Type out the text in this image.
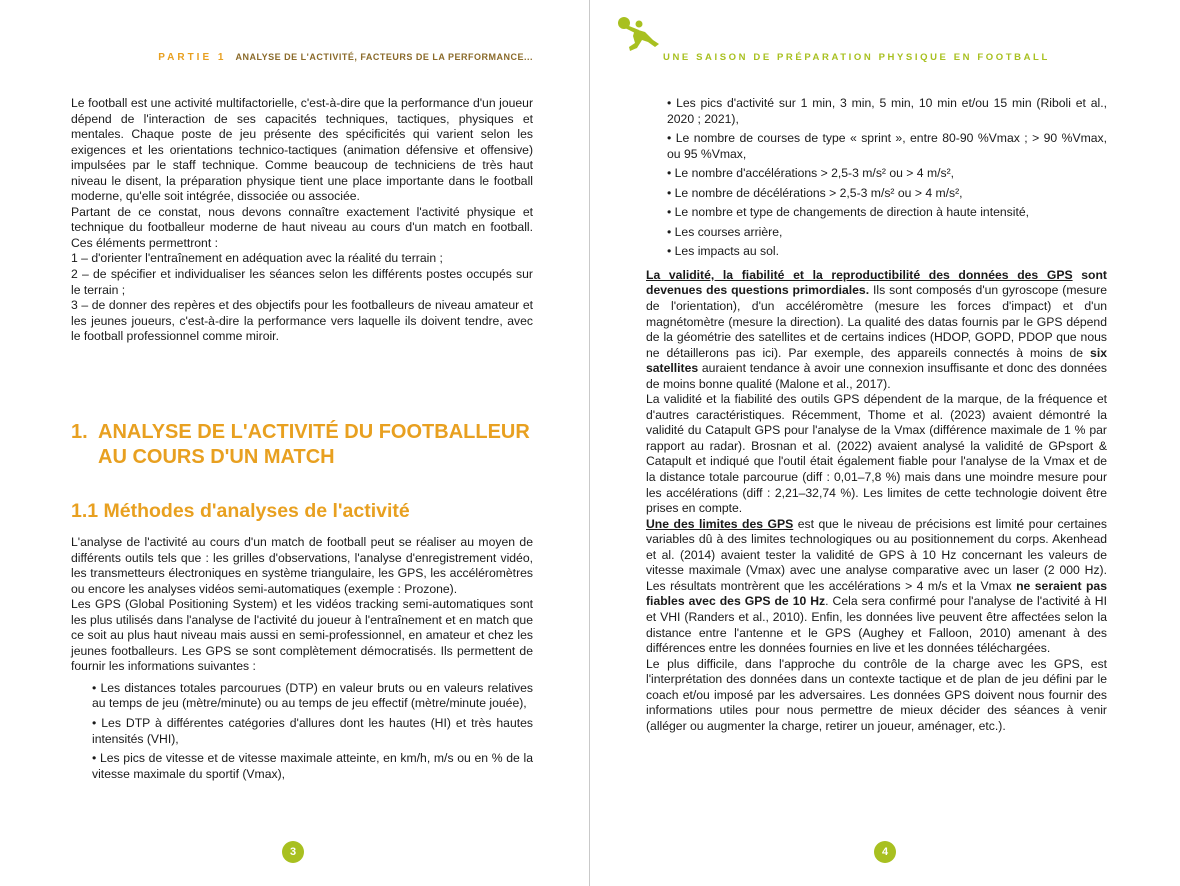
PARTIE 1 ANALYSE DE L'ACTIVITÉ, FACTEURS DE LA PERFORMANCE...

Le football est une activité multifactorielle, c'est-à-dire que la performance d'un joueur dépend de l'interaction de ses capacités techniques, tactiques, physiques et mentales. Chaque poste de jeu présente des spécificités qui varient selon les exigences et les orientations technico-tactiques (animation défensive et offensive) impulsées par le staff technique. Comme beaucoup de techniciens de très haut niveau le disent, la préparation physique tient une place importante dans le football moderne, qu'elle soit intégrée, dissociée ou associée.

Partant de ce constat, nous devons connaître exactement l'activité physique et technique du footballeur moderne de haut niveau au cours d'un match en football. Ces éléments permettront :

1 – d'orienter l'entraînement en adéquation avec la réalité du terrain ;

2 – de spécifier et individualiser les séances selon les différents postes occupés sur le terrain ;

3 – de donner des repères et des objectifs pour les footballeurs de niveau amateur et les jeunes joueurs, c'est-à-dire la performance vers laquelle ils doivent tendre, avec le football professionnel comme miroir.

1. ANALYSE DE L'ACTIVITÉ DU FOOTBALLEUR
AU COURS D'UN MATCH
1.1 Méthodes d'analyses de l'activité

L'analyse de l'activité au cours d'un match de football peut se réaliser au moyen de différents outils tels que : les grilles d'observations, l'analyse d'enregistrement vidéo, les transmetteurs électroniques en système triangulaire, les GPS, les accéléromètres ou encore les analyses vidéos semi-automatiques (exemple : Prozone).

Les GPS (Global Positioning System) et les vidéos tracking semi-automatiques sont les plus utilisés dans l'analyse de l'activité du joueur à l'entraînement et en match que ce soit au plus haut niveau mais aussi en semi-professionnel, en amateur et chez les jeunes footballeurs. Les GPS se sont complètement démocratisés. Ils permettent de fournir les informations suivantes :

• Les distances totales parcourues (DTP) en valeur bruts ou en valeurs relatives au temps de jeu (mètre/minute) ou au temps de jeu effectif (mètre/minute jouée),
• Les DTP à différentes catégories d'allures dont les hautes (HI) et très hautes intensités (VHI),
• Les pics de vitesse et de vitesse maximale atteinte, en km/h, m/s ou en % de la vitesse maximale du sportif (Vmax),
3
UNE SAISON DE PRÉPARATION PHYSIQUE EN FOOTBALL
• Les pics d'activité sur 1 min, 3 min, 5 min, 10 min et/ou 15 min (Riboli et al., 2020 ; 2021),
• Le nombre de courses de type « sprint », entre 80-90 %Vmax ; > 90 %Vmax, ou 95 %Vmax,
• Le nombre d'accélérations > 2,5-3 m/s² ou > 4 m/s²,
• Le nombre de décélérations > 2,5-3 m/s² ou > 4 m/s²,
• Le nombre et type de changements de direction à haute intensité,
• Les courses arrière,
• Les impacts au sol.

La validité, la fiabilité et la reproductibilité des données des GPS sont devenues des questions primordiales. Ils sont composés d'un gyroscope (mesure de l'orientation), d'un accéléromètre (mesure les forces d'impact) et d'un magnétomètre (mesure la direction). La qualité des datas fournis par le GPS dépend de la géométrie des satellites et de certains indices (HDOP, GOPD, PDOP que nous ne détaillerons pas ici). Par exemple, des appareils connectés à moins de six satellites auraient tendance à avoir une connexion insuffisante et donc des données de moins bonne qualité (Malone et al., 2017).

La validité et la fiabilité des outils GPS dépendent de la marque, de la fréquence et d'autres caractéristiques. Récemment, Thome et al. (2023) avaient démontré la validité du Catapult GPS pour l'analyse de la Vmax (différence maximale de 1 % par rapport au radar). Brosnan et al. (2022) avaient analysé la validité de GPsport & Catapult et indiqué que l'outil était également fiable pour l'analyse de la Vmax et de la distance totale parcourue (diff : 0,01–7,8 %) mais dans une moindre mesure pour les accélérations (diff : 2,21–32,74 %). Les limites de cette technologie doivent être prises en compte.

Une des limites des GPS est que le niveau de précisions est limité pour certaines variables dû à des limites technologiques ou au positionnement du corps. Akenhead et al. (2014) avaient tester la validité de GPS à 10 Hz concernant les valeurs de vitesse maximale (Vmax) avec une analyse comparative avec un laser (2 000 Hz). Les résultats montrèrent que les accélérations > 4 m/s et la Vmax ne seraient pas fiables avec des GPS de 10 Hz. Cela sera confirmé pour l'analyse de l'activité à HI et VHI (Randers et al., 2010). Enfin, les données live peuvent être affectées selon la distance entre l'antenne et le GPS (Aughey et Falloon, 2010) amenant à des différences entre les données fournies en live et les données téléchargées.

Le plus difficile, dans l'approche du contrôle de la charge avec les GPS, est l'interprétation des données dans un contexte tactique et de plan de jeu défini par le coach et/ou imposé par les adversaires. Les données GPS doivent nous fournir des informations utiles pour nous permettre de mieux décider des séances à venir (alléger ou augmenter la charge, retirer un joueur, aménager, etc.).

4
